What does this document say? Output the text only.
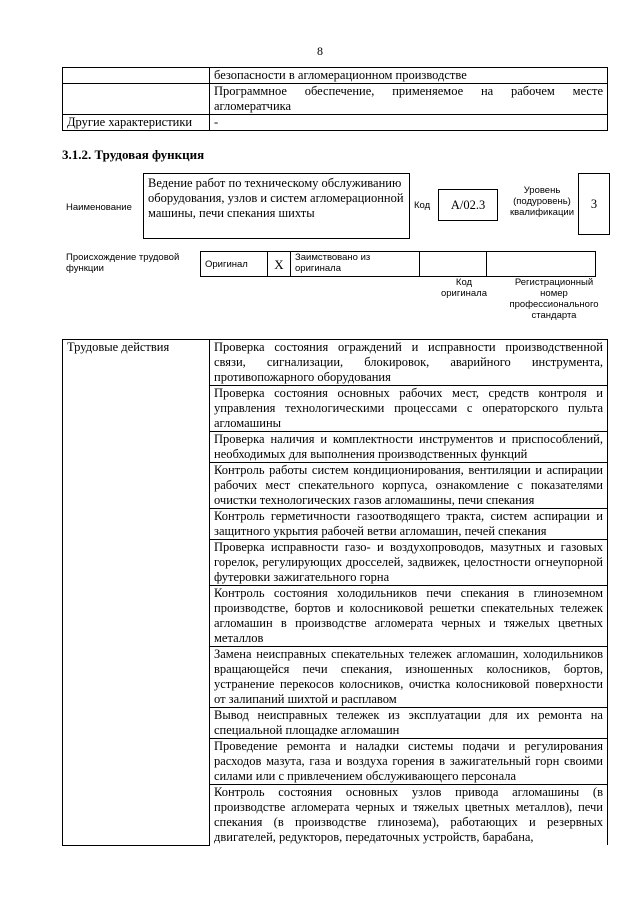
8
	безопасности в агломерационном производстве
	Программное обеспечение, применяемое на рабочем месте агломератчика
Другие характеристики	-
3.1.2. Трудовая функция
Наименование
Ведение работ по техническому обслуживанию оборудования, узлов и систем агломерационной машины, печи спекания шихты
Код	А/02.3
Уровень (подуровень) квалификации
3
Происхождение трудовой функции	Оригинал	X	Заимствовано из оригинала		
Код оригинала
Регистрационный номер профессионального стандарта
Трудовые действия	Проверка состояния ограждений и исправности производственной связи, сигнализации, блокировок, аварийного инструмента, противопожарного оборудования
Проверка состояния основных рабочих мест, средств контроля и управления технологическими процессами с операторского пульта агломашины
Проверка наличия и комплектности инструментов и приспособлений, необходимых для выполнения производственных функций
Контроль работы систем кондиционирования, вентиляции и аспирации рабочих мест спекательного корпуса, ознакомление с показателями очистки технологических газов агломашины, печи спекания
Контроль герметичности газоотводящего тракта, систем аспирации и защитного укрытия рабочей ветви агломашин, печей спекания
Проверка исправности газо- и воздухопроводов, мазутных и газовых горелок, регулирующих дросселей, задвижек, целостности огнеупорной футеровки зажигательного горна
Контроль состояния холодильников печи спекания в глиноземном производстве, бортов и колосниковой решетки спекательных тележек агломашин в производстве агломерата черных и тяжелых цветных металлов
Замена неисправных спекательных тележек агломашин, холодильников вращающейся печи спекания, изношенных колосников, бортов, устранение перекосов колосников, очистка колосниковой поверхности от залипаний шихтой и расплавом
Вывод неисправных тележек из эксплуатации для их ремонта на специальной площадке агломашин
Проведение ремонта и наладки системы подачи и регулирования расходов мазута, газа и воздуха горения в зажигательный горн своими силами или с привлечением обслуживающего персонала
Контроль состояния основных узлов привода агломашины (в производстве агломерата черных и тяжелых цветных металлов), печи спекания (в производстве глинозема), работающих и резервных двигателей, редукторов, передаточных устройств, барабана,
